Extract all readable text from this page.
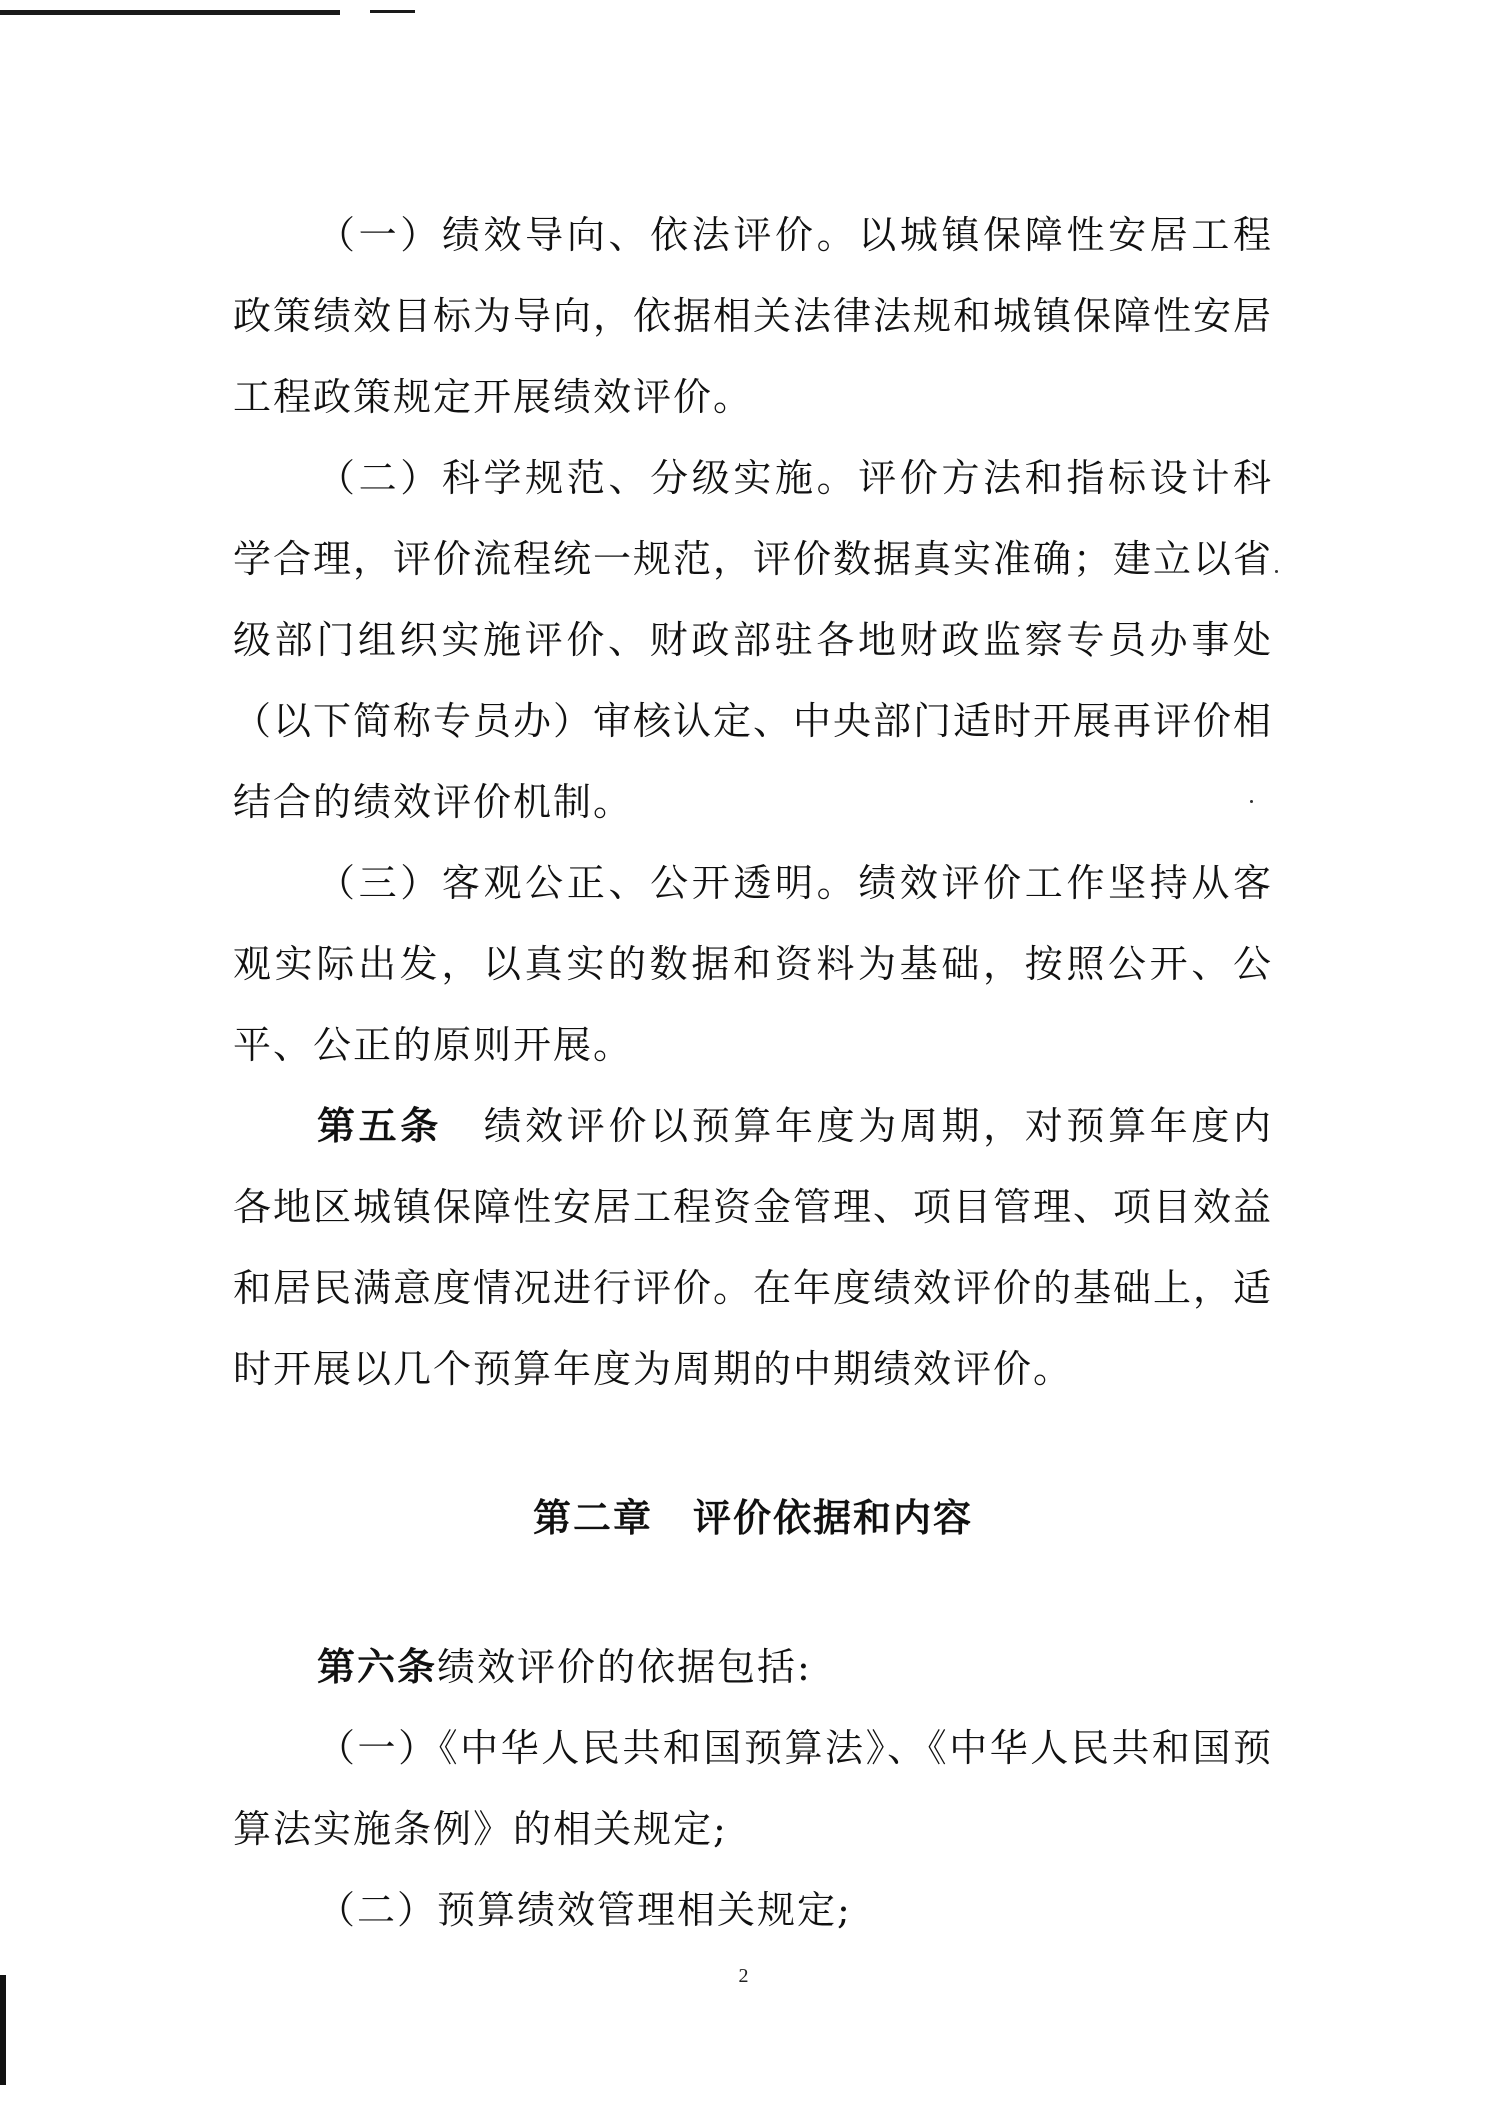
（一）绩效导向、依法评价。以城镇保障性安居工程政策绩效目标为导向，依据相关法律法规和城镇保障性安居工程政策规定开展绩效评价。

（二）科学规范、分级实施。评价方法和指标设计科学合理，评价流程统一规范，评价数据真实准确；建立以省级部门组织实施评价、财政部驻各地财政监察专员办事处（以下简称专员办）审核认定、中央部门适时开展再评价相结合的绩效评价机制。

（三）客观公正、公开透明。绩效评价工作坚持从客观实际出发，以真实的数据和资料为基础，按照公开、公平、公正的原则开展。

第五条　绩效评价以预算年度为周期，对预算年度内各地区城镇保障性安居工程资金管理、项目管理、项目效益和居民满意度情况进行评价。在年度绩效评价的基础上，适时开展以几个预算年度为周期的中期绩效评价。

第二章　评价依据和内容

第六条绩效评价的依据包括:

（一）《中华人民共和国预算法》、《中华人民共和国预算法实施条例》的相关规定;

（二）预算绩效管理相关规定;

2
